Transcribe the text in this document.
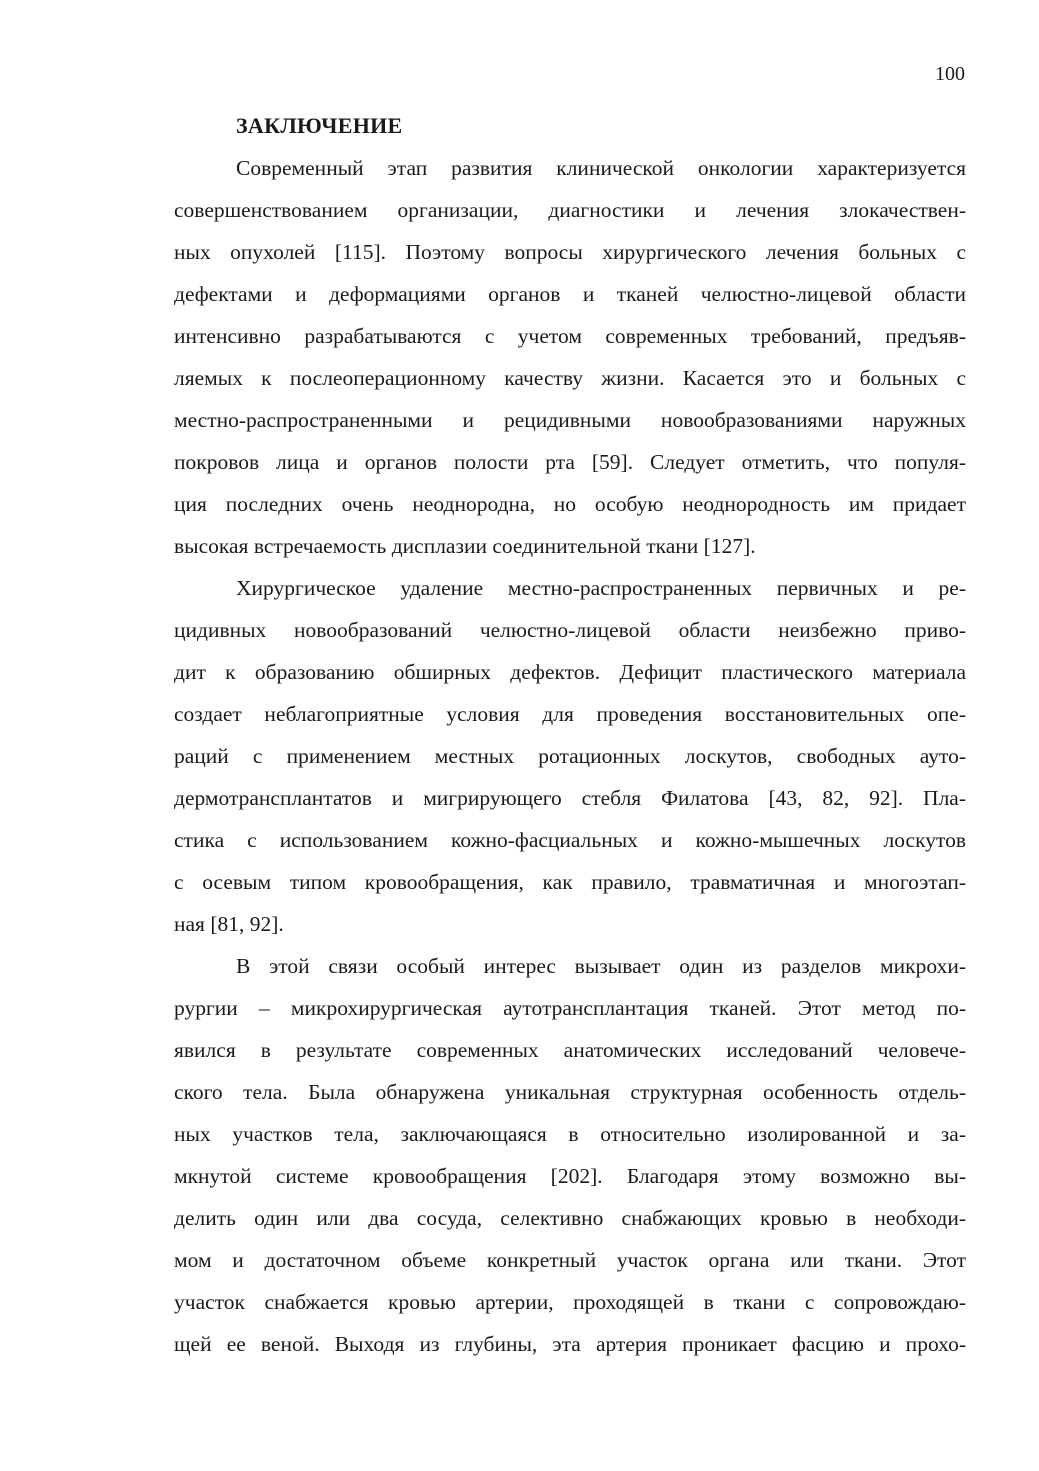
100
ЗАКЛЮЧЕНИЕ
Современный этап развития клинической онкологии характеризуется
совершенствованием организации, диагностики и лечения злокачествен-
ных опухолей [115]. Поэтому вопросы хирургического лечения больных с
дефектами и деформациями органов и тканей челюстно-лицевой области
интенсивно разрабатываются с учетом современных требований, предъяв-
ляемых к послеоперационному качеству жизни. Касается это и больных с
местно-распространенными и рецидивными новообразованиями наружных
покровов лица и органов полости рта [59]. Следует отметить, что популя-
ция последних очень неоднородна, но особую неоднородность им придает
высокая встречаемость дисплазии соединительной ткани [127].
Хирургическое удаление местно-распространенных первичных и ре-
цидивных новообразований челюстно-лицевой области неизбежно приво-
дит к образованию обширных дефектов. Дефицит пластического материала
создает неблагоприятные условия для проведения восстановительных опе-
раций с применением местных ротационных лоскутов, свободных ауто-
дермотрансплантатов и мигрирующего стебля Филатова [43, 82, 92]. Пла-
стика с использованием кожно-фасциальных и кожно-мышечных лоскутов
с осевым типом кровообращения, как правило, травматичная и многоэтап-
ная [81, 92].
В этой связи особый интерес вызывает один из разделов микрохи-
рургии – микрохирургическая аутотрансплантация тканей. Этот метод по-
явился в результате современных анатомических исследований человече-
ского тела. Была обнаружена уникальная структурная особенность отдель-
ных участков тела, заключающаяся в относительно изолированной и за-
мкнутой системе кровообращения [202]. Благодаря этому возможно вы-
делить один или два сосуда, селективно снабжающих кровью в необходи-
мом и достаточном объеме конкретный участок органа или ткани. Этот
участок снабжается кровью артерии, проходящей в ткани с сопровождаю-
щей ее веной. Выходя из глубины, эта артерия проникает фасцию и прохо-
